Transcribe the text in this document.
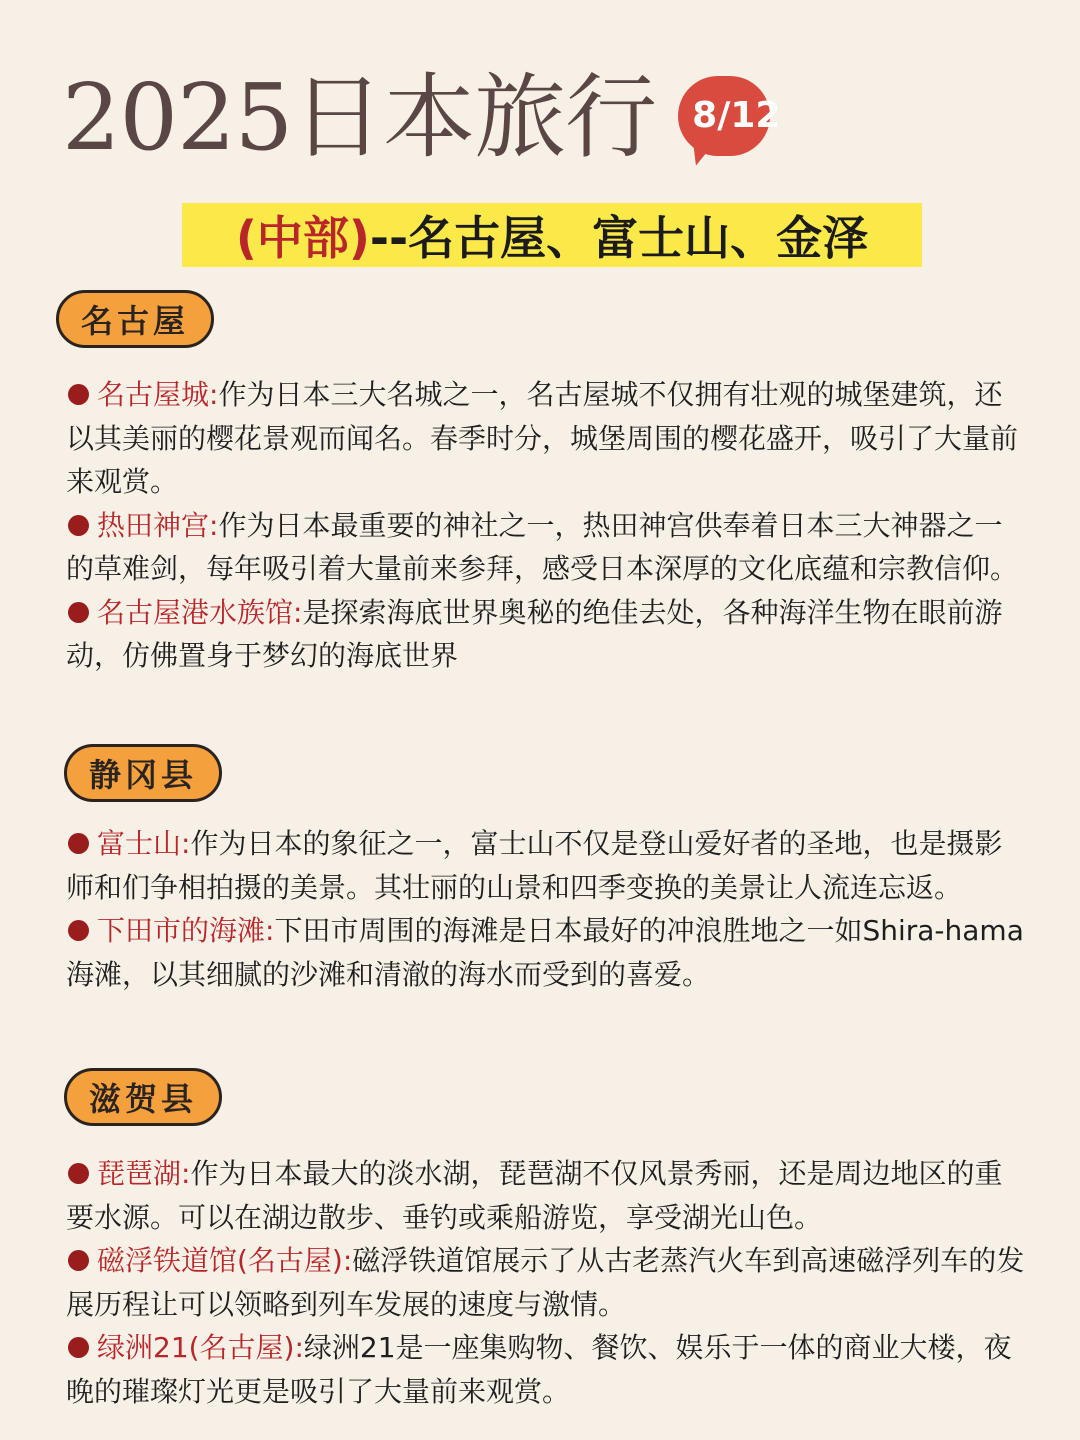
2025日本旅行 8/12
(中部) --名古屋、富士山、金泽
名古屋

名古屋城:作为日本三大名城之一，名古屋城不仅拥有壮观的城堡建筑，还以其美丽的樱花景观而闻名。春季时分，城堡周围的樱花盛开，吸引了大量前来观赏。

热田神宫:作为日本最重要的神社之一，热田神宫供奉着日本三大神器之一的草难剑，每年吸引着大量前来参拜，感受日本深厚的文化底蕴和宗教信仰。

名古屋港水族馆:是探索海底世界奥秘的绝佳去处，各种海洋生物在眼前游动，仿佛置身于梦幻的海底世界

静冈县

富士山:作为日本的象征之一，富士山不仅是登山爱好者的圣地，也是摄影师和们争相拍摄的美景。其壮丽的山景和四季变换的美景让人流连忘返。

下田市的海滩:下田市周围的海滩是日本最好的冲浪胜地之一如Shira-hama海滩，以其细腻的沙滩和清澈的海水而受到的喜爱。

滋贺县

琵琶湖:作为日本最大的淡水湖，琵琶湖不仅风景秀丽，还是周边地区的重要水源。可以在湖边散步、垂钓或乘船游览，享受湖光山色。

磁浮铁道馆(名古屋):磁浮铁道馆展示了从古老蒸汽火车到高速磁浮列车的发展历程让可以领略到列车发展的速度与激情。

绿洲21(名古屋):绿洲21是一座集购物、餐饮、娱乐于一体的商业大楼，夜晚的璀璨灯光更是吸引了大量前来观赏。
